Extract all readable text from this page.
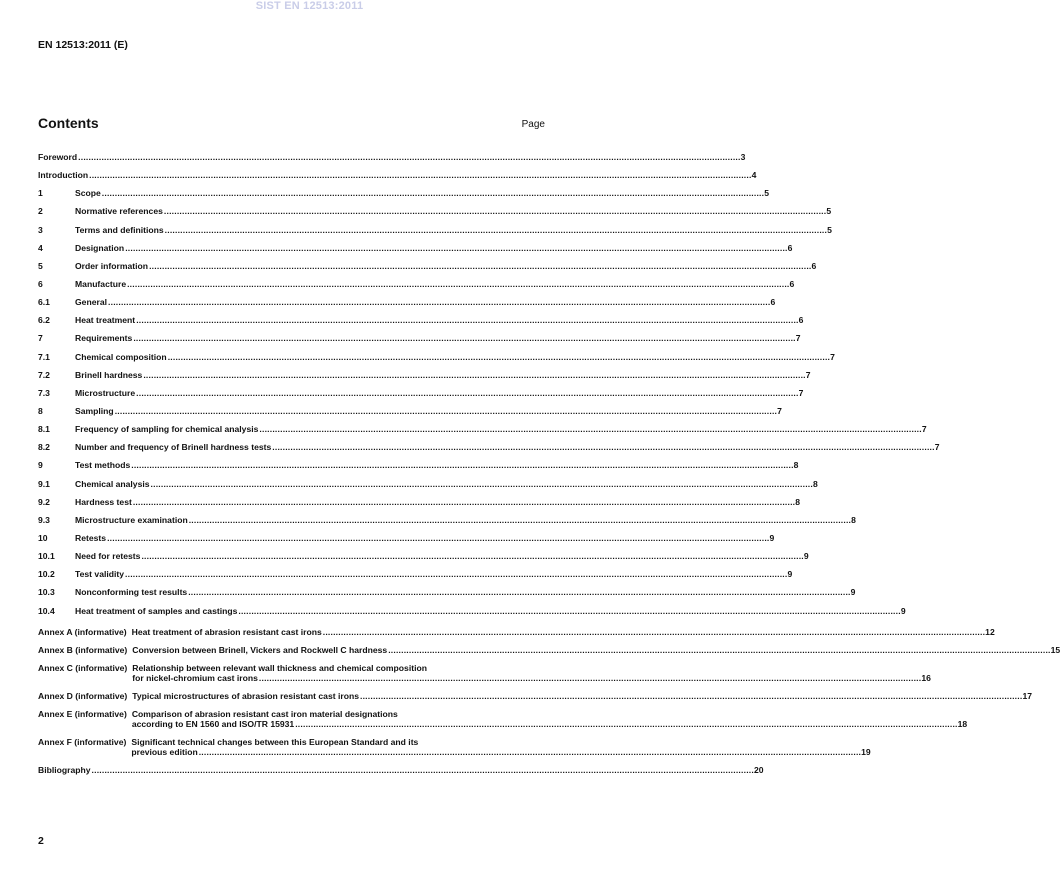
SIST EN 12513:2011
EN 12513:2011 (E)
Contents	Page
Foreword .....	3
Introduction .....	4
1	Scope .....	5
2	Normative references .....	5
3	Terms and definitions .....	5
4	Designation .....	6
5	Order information .....	6
6	Manufacture .....	6
6.1	General .....	6
6.2	Heat treatment .....	6
7	Requirements .....	7
7.1	Chemical composition .....	7
7.2	Brinell hardness .....	7
7.3	Microstructure .....	7
8	Sampling .....	7
8.1	Frequency of sampling for chemical analysis .....	7
8.2	Number and frequency of Brinell hardness tests .....	7
9	Test methods .....	8
9.1	Chemical analysis .....	8
9.2	Hardness test .....	8
9.3	Microstructure examination .....	8
10	Retests .....	9
10.1	Need for retests .....	9
10.2	Test validity .....	9
10.3	Nonconforming test results .....	9
10.4	Heat treatment of samples and castings .....	9
Annex A (informative) Heat treatment of abrasion resistant cast irons .....	12
Annex B (informative) Conversion between Brinell, Vickers and Rockwell C hardness .....	15
Annex C (informative) Relationship between relevant wall thickness and chemical composition
for nickel-chromium cast irons .....	16
Annex D (informative) Typical microstructures of abrasion resistant cast irons .....	17
Annex E (informative) Comparison of abrasion resistant cast iron material designations
according to EN 1560 and ISO/TR 15931 .....	18
Annex F (informative) Significant technical changes between this European Standard and its
previous edition .....	19
Bibliography .....	20
2
